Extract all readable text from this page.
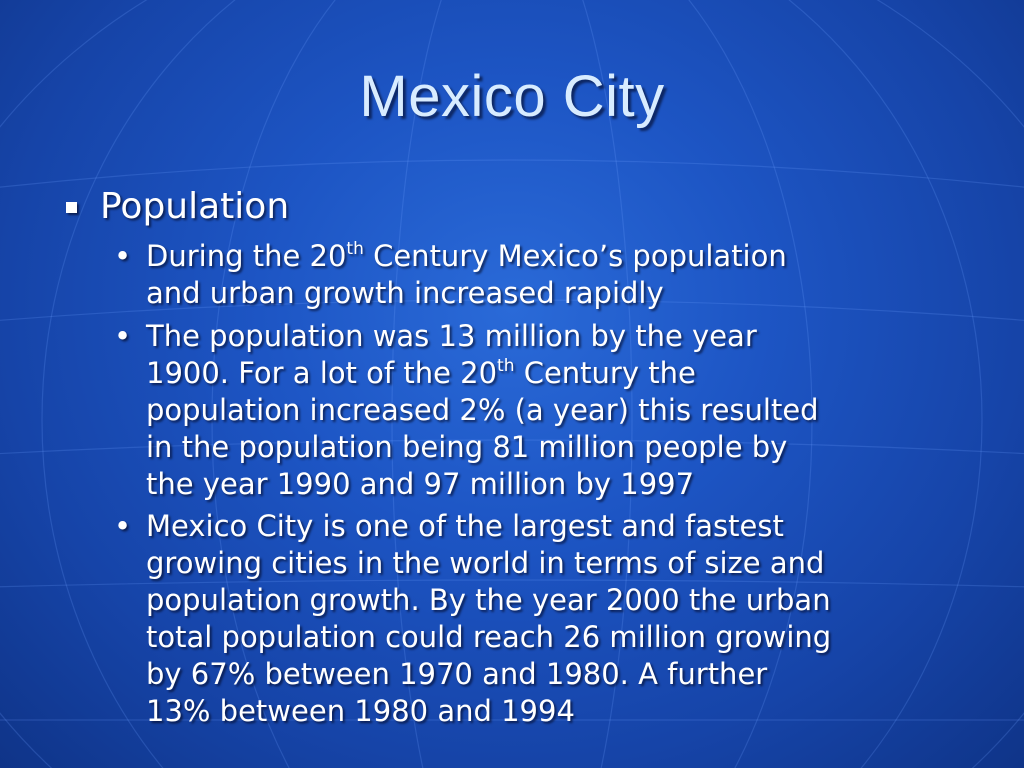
Mexico City
Population
• During the 20th Century Mexico’s population
and urban growth increased rapidly
• The population was 13 million by the year
1900. For a lot of the 20th Century the
population increased 2% (a year) this resulted
in the population being 81 million people by
the year 1990 and 97 million by 1997
• Mexico City is one of the largest and fastest
growing cities in the world in terms of size and
population growth. By the year 2000 the urban
total population could reach 26 million growing
by 67% between 1970 and 1980. A further
13% between 1980 and 1994
